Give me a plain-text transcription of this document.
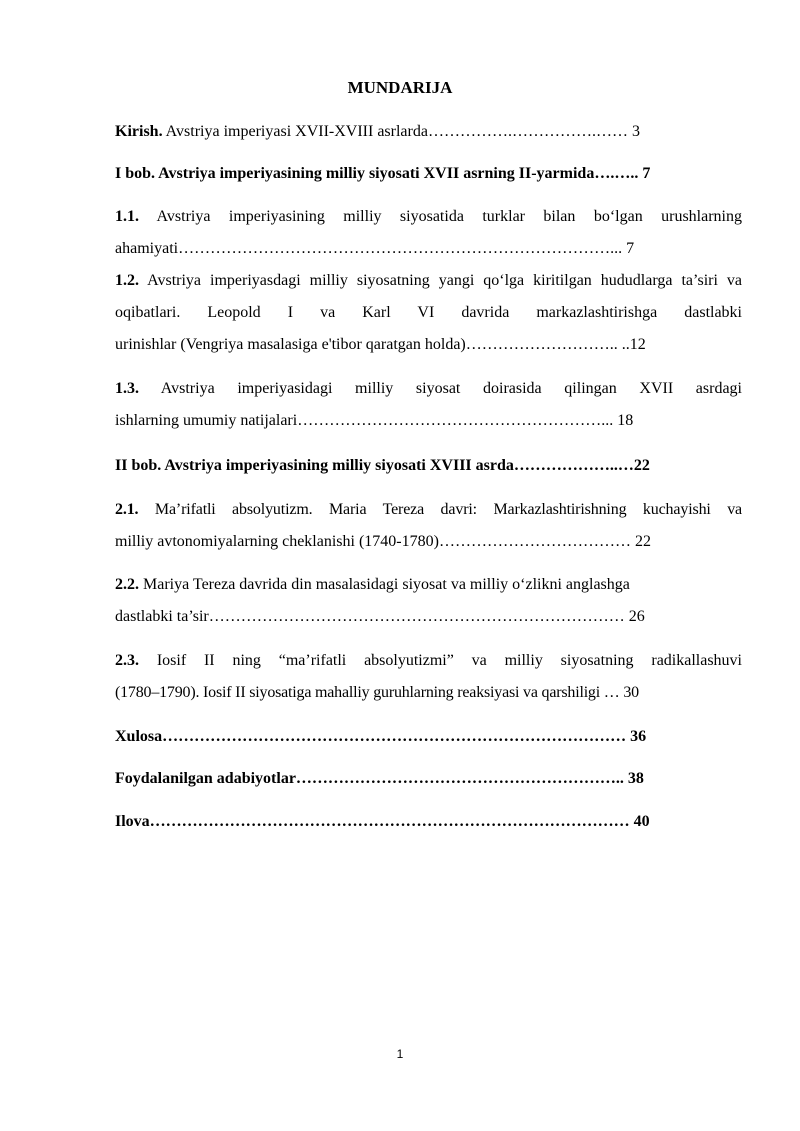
MUNDARIJA
Kirish. Avstriya imperiyasi XVII-XVIII asrlarda…………….…………….…… 3
I bob. Avstriya imperiyasining milliy siyosati XVII asrning II-yarmida….….. 7
1.1. Avstriya imperiyasining milliy siyosatida turklar bilan bo‘lgan urushlarning
ahamiyati………………………………………………………………………... 7
1.2. Avstriya imperiyasdagi milliy siyosatning yangi qo‘lga kiritilgan hududlarga ta’siri va oqibatlari. Leopold I va Karl VI davrida markazlashtirishga dastlabki
urinishlar (Vengriya masalasiga e'tibor qaratgan holda)……………………….. ..12
1.3. Avstriya imperiyasidagi milliy siyosat doirasida qilingan XVII asrdagi
ishlarning umumiy natijalari…………………………………………………... 18
II bob. Avstriya imperiyasining milliy siyosati XVIII asrda………………..…22
2.1. Ma’rifatli absolyutizm. Maria Tereza davri: Markazlashtirishning kuchayishi va
milliy avtonomiyalarning cheklanishi (1740-1780)……………………………… 22
2.2. Mariya Tereza davrida din masalasidagi siyosat va milliy o‘zlikni anglashga
dastlabki ta’sir…………………………………………………………………… 26
2.3. Iosif II ning “ma’rifatli absolyutizmi” va milliy siyosatning radikallashuvi
(1780–1790). Iosif II siyosatiga mahalliy guruhlarning reaksiyasi va qarshiligi … 30
Xulosa…………………………………………………………………………… 36
Foydalanilgan adabiyotlar…………………………………………………….. 38
Ilova……………………………………………………………………………… 40
1
